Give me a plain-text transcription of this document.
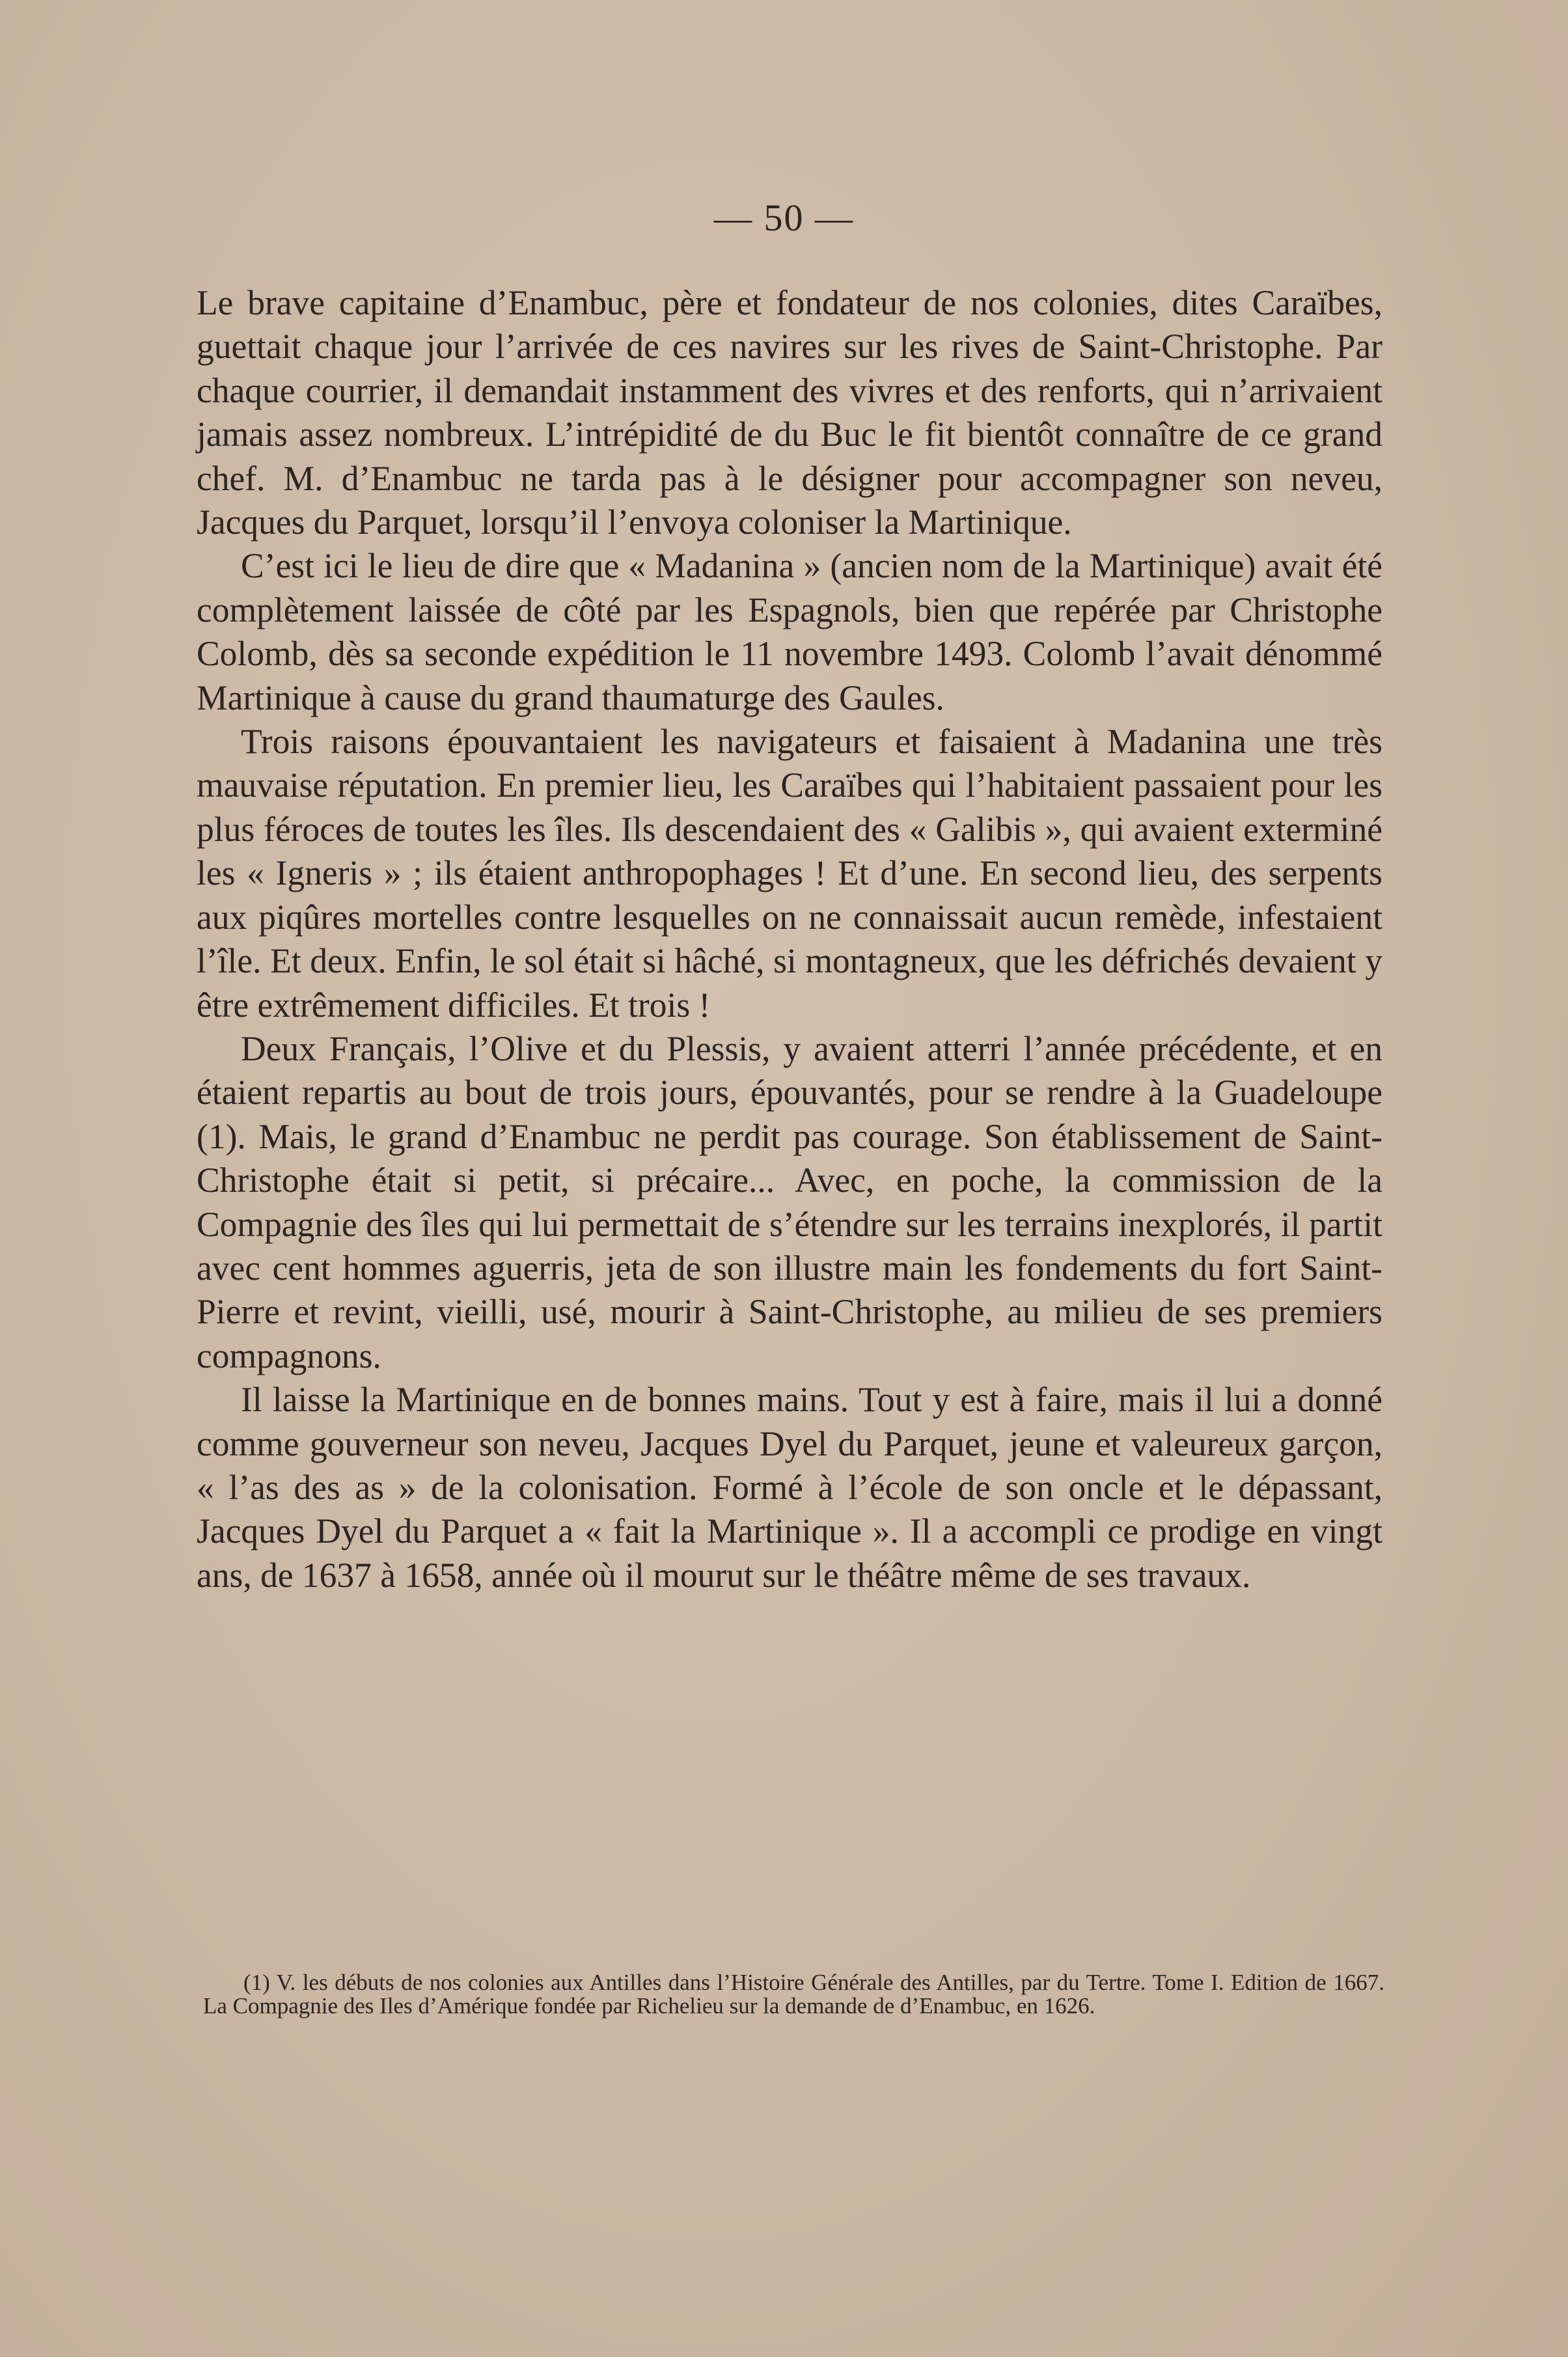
— 50 —

Le brave capitaine d’Enambuc, père et fondateur de nos colonies, dites Caraïbes, guettait chaque jour l’arrivée de ces navires sur les rives de Saint-Christophe. Par chaque courrier, il demandait instamment des vivres et des renforts, qui n’arrivaient jamais assez nombreux. L’intrépidité de du Buc le fit bientôt connaître de ce grand chef. M. d’Enambuc ne tarda pas à le désigner pour accompagner son neveu, Jacques du Parquet, lorsqu’il l’envoya coloniser la Martinique.

C’est ici le lieu de dire que « Madanina » (ancien nom de la Martinique) avait été complètement laissée de côté par les Espagnols, bien que repérée par Christophe Colomb, dès sa seconde expédition le 11 novembre 1493. Colomb l’avait dénommé Martinique à cause du grand thaumaturge des Gaules.

Trois raisons épouvantaient les navigateurs et faisaient à Madanina une très mauvaise réputation. En premier lieu, les Caraïbes qui l’habitaient passaient pour les plus féroces de toutes les îles. Ils descendaient des « Galibis », qui avaient exterminé les « Igneris » ; ils étaient anthropophages ! Et d’une. En second lieu, des serpents aux piqûres mortelles contre lesquelles on ne connaissait aucun remède, infestaient l’île. Et deux. Enfin, le sol était si hâché, si montagneux, que les défrichés devaient y être extrêmement difficiles. Et trois !

Deux Français, l’Olive et du Plessis, y avaient atterri l’année précédente, et en étaient repartis au bout de trois jours, épouvantés, pour se rendre à la Guadeloupe (1). Mais, le grand d’Enambuc ne perdit pas courage. Son établissement de Saint-Christophe était si petit, si précaire... Avec, en poche, la commission de la Compagnie des îles qui lui permettait de s’étendre sur les terrains inexplorés, il partit avec cent hommes aguerris, jeta de son illustre main les fondements du fort Saint-Pierre et revint, vieilli, usé, mourir à Saint-Christophe, au milieu de ses premiers compagnons.

Il laisse la Martinique en de bonnes mains. Tout y est à faire, mais il lui a donné comme gouverneur son neveu, Jacques Dyel du Parquet, jeune et valeureux garçon, « l’as des as » de la colonisation. Formé à l’école de son oncle et le dépassant, Jacques Dyel du Parquet a « fait la Martinique ». Il a accompli ce prodige en vingt ans, de 1637 à 1658, année où il mourut sur le théâtre même de ses travaux.

(1) V. les débuts de nos colonies aux Antilles dans l’Histoire Générale des Antilles, par du Tertre. Tome I. Edition de 1667. La Compagnie des Iles d’Amérique fondée par Richelieu sur la demande de d’Enambuc, en 1626.
